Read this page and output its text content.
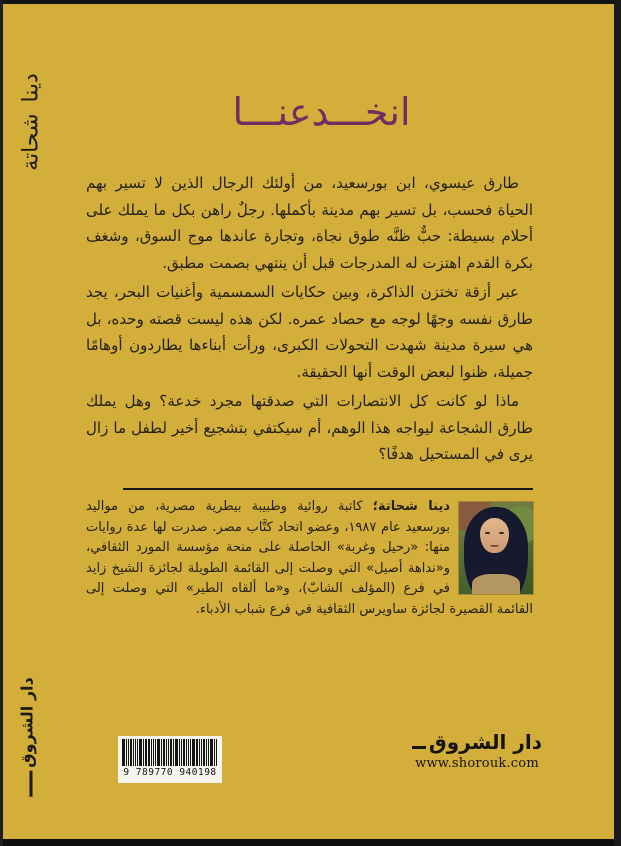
دينا شحاتة
دار الشروق
انخـــدعنـــا

طارق عيسوي، ابن بورسعيد، من أولئك الرجال الذين لا تسير بهم الحياة فحسب، بل تسير بهم مدينة بأكملها. رجلٌ راهن بكل ما يملك على أحلام بسيطة: حبٌّ ظنَّه طوق نجاة، وتجارة عاندها موج السوق، وشغف بكرة القدم اهتزت له المدرجات قبل أن ينتهي بصمت مطبق.

عبر أزقة تختزن الذاكرة، وبين حكايات السمسمية وأغنيات البحر، يجد طارق نفسه وجهًا لوجه مع حصاد عمره. لكن هذه ليست قصته وحده، بل هي سيرة مدينة شهدت التحولات الكبرى، ورأت أبناءها يطاردون أوهامًا جميلة، ظنوا لبعض الوقت أنها الحقيقة.

ماذا لو كانت كل الانتصارات التي صدقتها مجرد خدعة؟ وهل يملك طارق الشجاعة ليواجه هذا الوهم، أم سيكتفي بتشجيع أخير لطفل ما زال يرى في المستحيل هدفًا؟

دينا شحاتة؛ كاتبة روائية وطبيبة بيطرية مصرية، من مواليد بورسعيد عام ١٩٨٧، وعضو اتحاد كتَّاب مصر. صدرت لها عدة روايات منها: «رحيل وغربة» الحاصلة على منحة مؤسسة المورد الثقافي، و«نداهة أصيل» التي وصلت إلى القائمة الطويلة لجائزة الشيخ زايد في فرع (المؤلف الشابّ)، و«ما ألقاه الطير» التي وصلت إلى القائمة القصيرة لجائزة ساويرس الثقافية في فرع شباب الأدباء.
9 789770 940198
دار الشروق
www.shorouk.com
